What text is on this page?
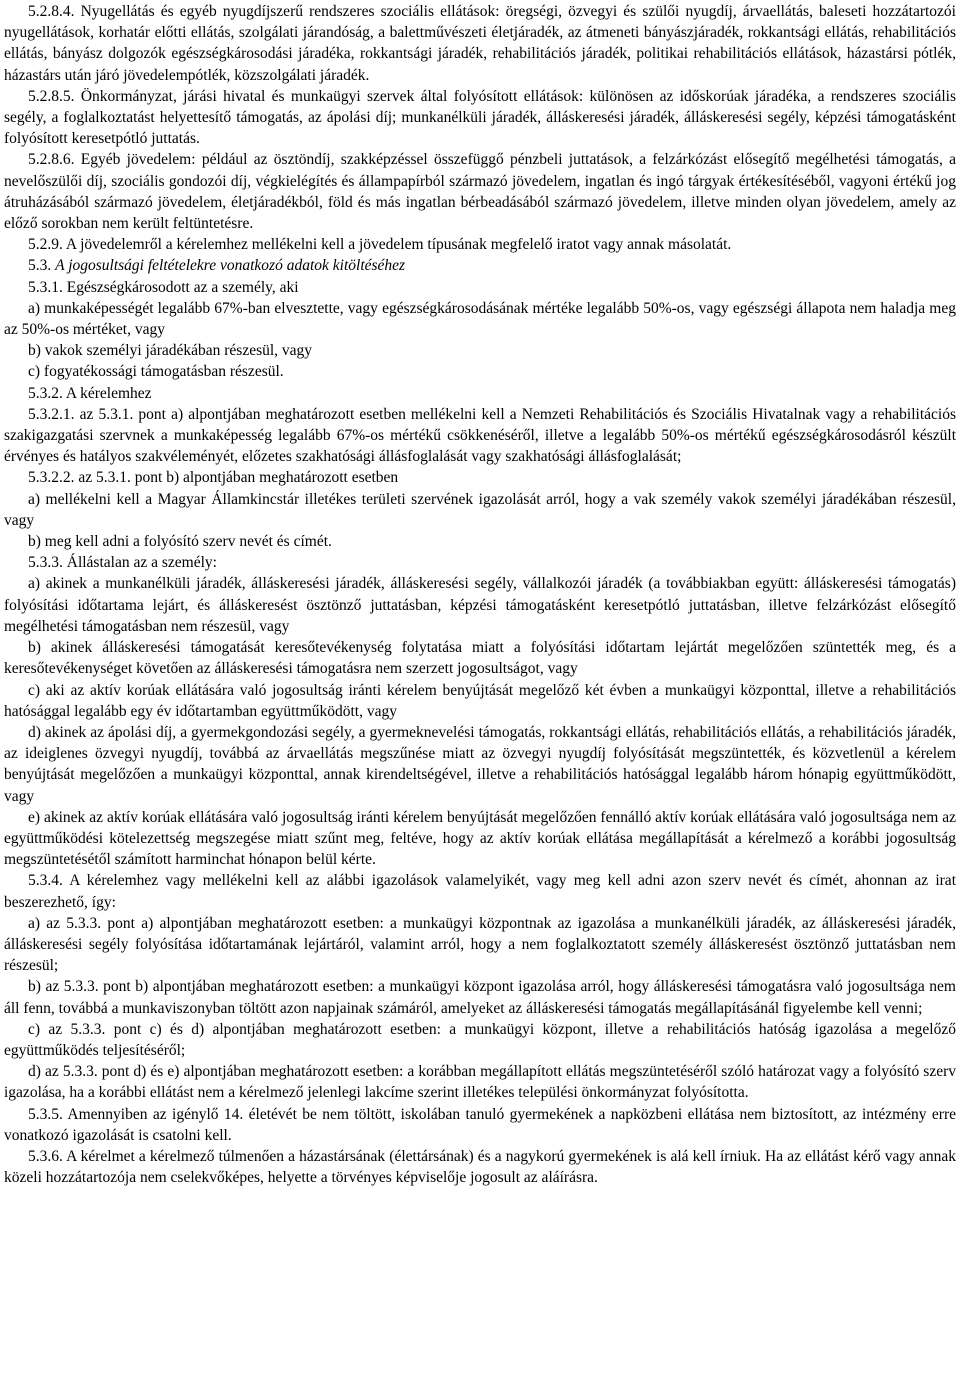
5.2.8.4. Nyugellátás és egyéb nyugdíjszerű rendszeres szociális ellátások: öregségi, özvegyi és szülői nyugdíj, árvaellátás, baleseti hozzátartozói nyugellátások, korhatár előtti ellátás, szolgálati járandóság, a balettművészeti életjáradék, az átmeneti bányászjáradék, rokkantsági ellátás, rehabilitációs ellátás, bányász dolgozók egészségkárosodási járadéka, rokkantsági járadék, rehabilitációs járadék, politikai rehabilitációs ellátások, házastársi pótlék, házastárs után járó jövedelempótlék, közszolgálati járadék.

5.2.8.5. Önkormányzat, járási hivatal és munkaügyi szervek által folyósított ellátások: különösen az időskorúak járadéka, a rendszeres szociális segély, a foglalkoztatást helyettesítő támogatás, az ápolási díj; munkanélküli járadék, álláskeresési járadék, álláskeresési segély, képzési támogatásként folyósított keresetpótló juttatás.

5.2.8.6. Egyéb jövedelem: például az ösztöndíj, szakképzéssel összefüggő pénzbeli juttatások, a felzárkózást elősegítő megélhetési támogatás, a nevelőszülői díj, szociális gondozói díj, végkielégítés és állampapírból származó jövedelem, ingatlan és ingó tárgyak értékesítéséből, vagyoni értékű jog átruházásából származó jövedelem, életjáradékból, föld és más ingatlan bérbeadásából származó jövedelem, illetve minden olyan jövedelem, amely az előző sorokban nem került feltüntetésre.

5.2.9. A jövedelemről a kérelemhez mellékelni kell a jövedelem típusának megfelelő iratot vagy annak másolatát.

5.3. A jogosultsági feltételekre vonatkozó adatok kitöltéséhez

5.3.1. Egészségkárosodott az a személy, aki

a) munkaképességét legalább 67%-ban elvesztette, vagy egészségkárosodásának mértéke legalább 50%-os, vagy egészségi állapota nem haladja meg az 50%-os mértéket, vagy

b) vakok személyi járadékában részesül, vagy

c) fogyatékossági támogatásban részesül.

5.3.2. A kérelemhez

5.3.2.1. az 5.3.1. pont a) alpontjában meghatározott esetben mellékelni kell a Nemzeti Rehabilitációs és Szociális Hivatalnak vagy a rehabilitációs szakigazgatási szervnek a munkaképesség legalább 67%-os mértékű csökkenéséről, illetve a legalább 50%-os mértékű egészségkárosodásról készült érvényes és hatályos szakvéleményét, előzetes szakhatósági állásfoglalását vagy szakhatósági állásfoglalását;

5.3.2.2. az 5.3.1. pont b) alpontjában meghatározott esetben

a) mellékelni kell a Magyar Államkincstár illetékes területi szervének igazolását arról, hogy a vak személy vakok személyi járadékában részesül, vagy

b) meg kell adni a folyósító szerv nevét és címét.

5.3.3. Állástalan az a személy:

a) akinek a munkanélküli járadék, álláskeresési járadék, álláskeresési segély, vállalkozói járadék (a továbbiakban együtt: álláskeresési támogatás) folyósítási időtartama lejárt, és álláskeresést ösztönző juttatásban, képzési támogatásként keresetpótló juttatásban, illetve felzárkózást elősegítő megélhetési támogatásban nem részesül, vagy

b) akinek álláskeresési támogatását keresőtevékenység folytatása miatt a folyósítási időtartam lejártát megelőzően szüntették meg, és a keresőtevékenységet követően az álláskeresési támogatásra nem szerzett jogosultságot, vagy

c) aki az aktív korúak ellátására való jogosultság iránti kérelem benyújtását megelőző két évben a munkaügyi központtal, illetve a rehabilitációs hatósággal legalább egy év időtartamban együttműködött, vagy

d) akinek az ápolási díj, a gyermekgondozási segély, a gyermeknevelési támogatás, rokkantsági ellátás, rehabilitációs ellátás, a rehabilitációs járadék, az ideiglenes özvegyi nyugdíj, továbbá az árvaellátás megszűnése miatt az özvegyi nyugdíj folyósítását megszüntették, és közvetlenül a kérelem benyújtását megelőzően a munkaügyi központtal, annak kirendeltségével, illetve a rehabilitációs hatósággal legalább három hónapig együttműködött, vagy

e) akinek az aktív korúak ellátására való jogosultság iránti kérelem benyújtását megelőzően fennálló aktív korúak ellátására való jogosultsága nem az együttműködési kötelezettség megszegése miatt szűnt meg, feltéve, hogy az aktív korúak ellátása megállapítását a kérelmező a korábbi jogosultság megszüntetésétől számított harminchat hónapon belül kérte.

5.3.4. A kérelemhez vagy mellékelni kell az alábbi igazolások valamelyikét, vagy meg kell adni azon szerv nevét és címét, ahonnan az irat beszerezhető, így:

a) az 5.3.3. pont a) alpontjában meghatározott esetben: a munkaügyi központnak az igazolása a munkanélküli járadék, az álláskeresési járadék, álláskeresési segély folyósítása időtartamának lejártáról, valamint arról, hogy a nem foglalkoztatott személy álláskeresést ösztönző juttatásban nem részesül;

b) az 5.3.3. pont b) alpontjában meghatározott esetben: a munkaügyi központ igazolása arról, hogy álláskeresési támogatásra való jogosultsága nem áll fenn, továbbá a munkaviszonyban töltött azon napjainak számáról, amelyeket az álláskeresési támogatás megállapításánál figyelembe kell venni;

c) az 5.3.3. pont c) és d) alpontjában meghatározott esetben: a munkaügyi központ, illetve a rehabilitációs hatóság igazolása a megelőző együttműködés teljesítéséről;

d) az 5.3.3. pont d) és e) alpontjában meghatározott esetben: a korábban megállapított ellátás megszüntetéséről szóló határozat vagy a folyósító szerv igazolása, ha a korábbi ellátást nem a kérelmező jelenlegi lakcíme szerint illetékes települési önkormányzat folyósította.

5.3.5. Amennyiben az igénylő 14. életévét be nem töltött, iskolában tanuló gyermekének a napközbeni ellátása nem biztosított, az intézmény erre vonatkozó igazolását is csatolni kell.

5.3.6. A kérelmet a kérelmező túlmenően a házastársának (élettársának) és a nagykorú gyermekének is alá kell írniuk. Ha az ellátást kérő vagy annak közeli hozzátartozója nem cselekvőképes, helyette a törvényes képviselője jogosult az aláírásra.
